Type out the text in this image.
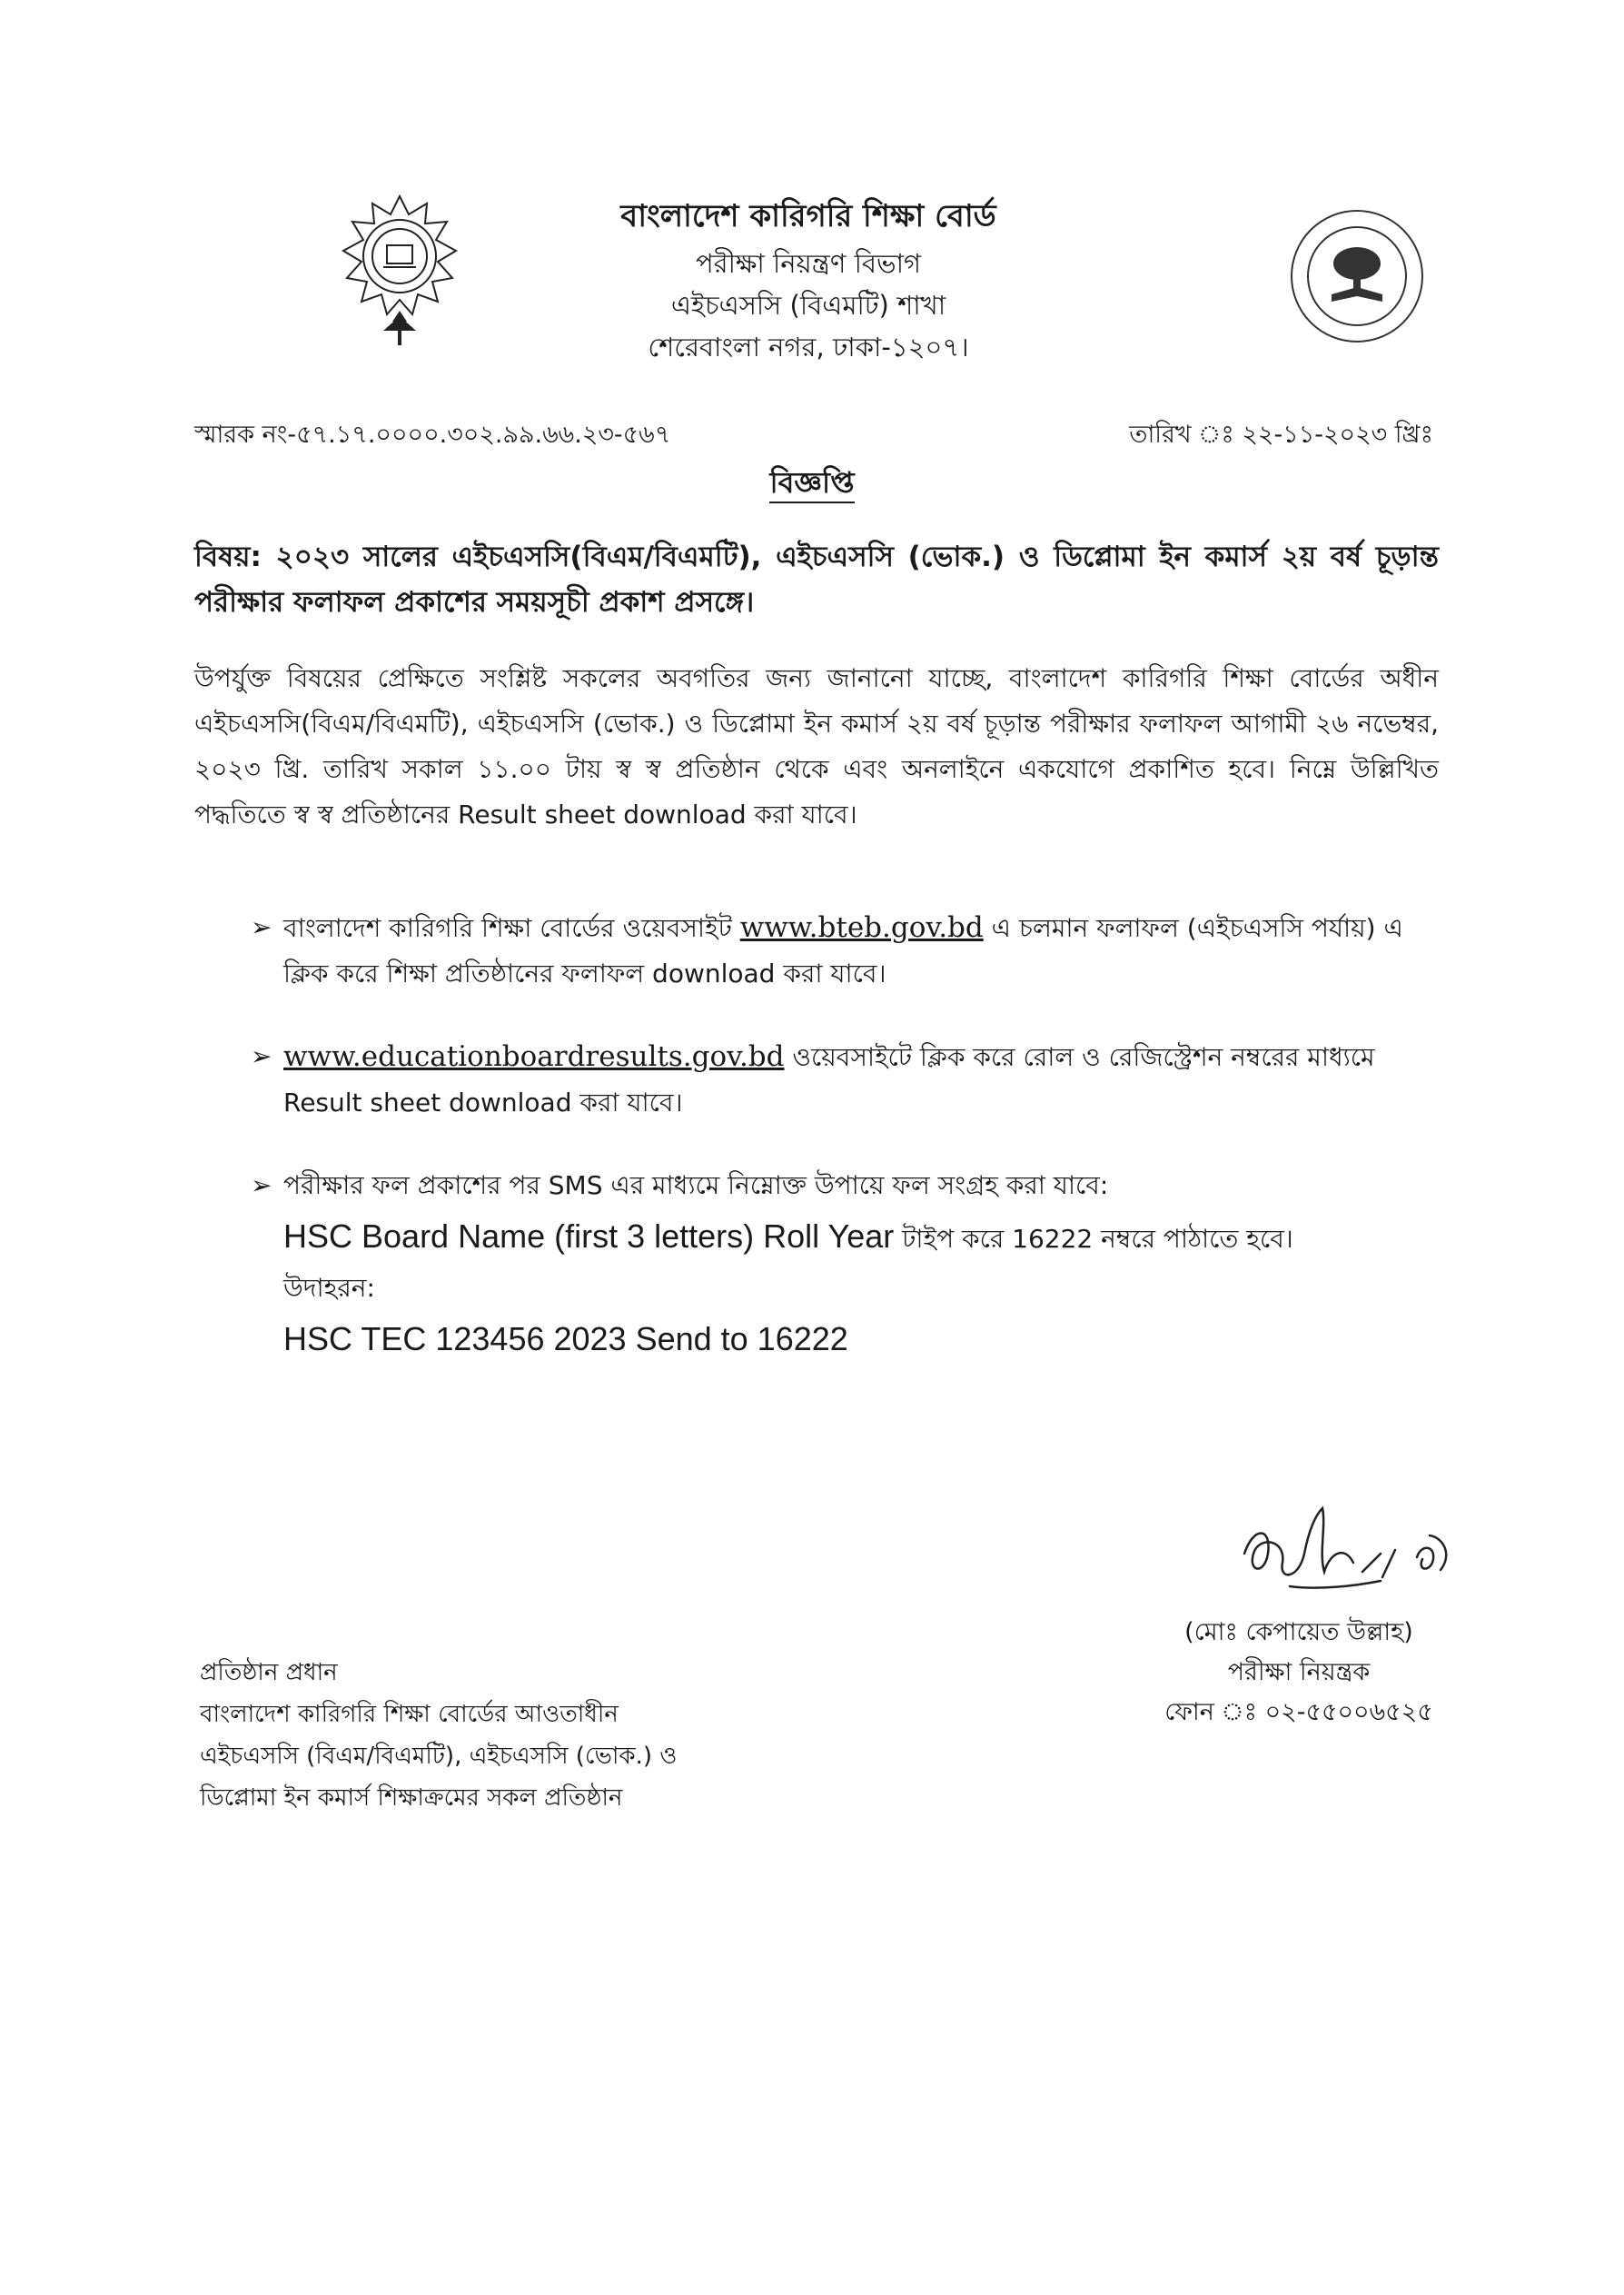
বাংলাদেশ কারিগরি শিক্ষা বোর্ড
পরীক্ষা নিয়ন্ত্রণ বিভাগ
এইচএসসি (বিএমটি) শাখা
শেরেবাংলা নগর, ঢাকা-১২০৭।
স্মারক নং-৫৭.১৭.০০০০.৩০২.৯৯.৬৬.২৩-৫৬৭	তারিখ ঃ ২২-১১-২০২৩ খ্রিঃ
বিজ্ঞপ্তি
বিষয়: ২০২৩ সালের এইচএসসি(বিএম/বিএমটি), এইচএসসি (ভোক.) ও ডিপ্লোমা ইন কমার্স ২য় বর্ষ চূড়ান্ত পরীক্ষার ফলাফল প্রকাশের সময়সূচী প্রকাশ প্রসঙ্গে।
উপর্যুক্ত বিষয়ের প্রেক্ষিতে সংশ্লিষ্ট সকলের অবগতির জন্য জানানো যাচ্ছে, বাংলাদেশ কারিগরি শিক্ষা বোর্ডের অধীন এইচএসসি(বিএম/বিএমটি), এইচএসসি (ভোক.) ও ডিপ্লোমা ইন কমার্স ২য় বর্ষ চূড়ান্ত পরীক্ষার ফলাফল আগামী ২৬ নভেম্বর, ২০২৩ খ্রি. তারিখ সকাল ১১.০০ টায় স্ব স্ব প্রতিষ্ঠান থেকে এবং অনলাইনে একযোগে প্রকাশিত হবে। নিম্নে উল্লিখিত পদ্ধতিতে স্ব স্ব প্রতিষ্ঠানের Result sheet download করা যাবে।
➢ বাংলাদেশ কারিগরি শিক্ষা বোর্ডের ওয়েবসাইট www.bteb.gov.bd এ চলমান ফলাফল (এইচএসসি পর্যায়) এ ক্লিক করে শিক্ষা প্রতিষ্ঠানের ফলাফল download করা যাবে।
➢ www.educationboardresults.gov.bd ওয়েবসাইটে ক্লিক করে রোল ও রেজিস্ট্রেশন নম্বরের মাধ্যমে Result sheet download করা যাবে।
➢ পরীক্ষার ফল প্রকাশের পর SMS এর মাধ্যমে নিম্নোক্ত উপায়ে ফল সংগ্রহ করা যাবে:
HSC Board Name (first 3 letters) Roll Year টাইপ করে 16222 নম্বরে পাঠাতে হবে।
উদাহরন:
HSC TEC 123456 2023 Send to 16222
(মোঃ কেপায়েত উল্লাহ)
পরীক্ষা নিয়ন্ত্রক
ফোন ঃ ০২-৫৫০০৬৫২৫
প্রতিষ্ঠান প্রধান
বাংলাদেশ কারিগরি শিক্ষা বোর্ডের আওতাধীন
এইচএসসি (বিএম/বিএমটি), এইচএসসি (ভোক.) ও
ডিপ্লোমা ইন কমার্স শিক্ষাক্রমের সকল প্রতিষ্ঠান
